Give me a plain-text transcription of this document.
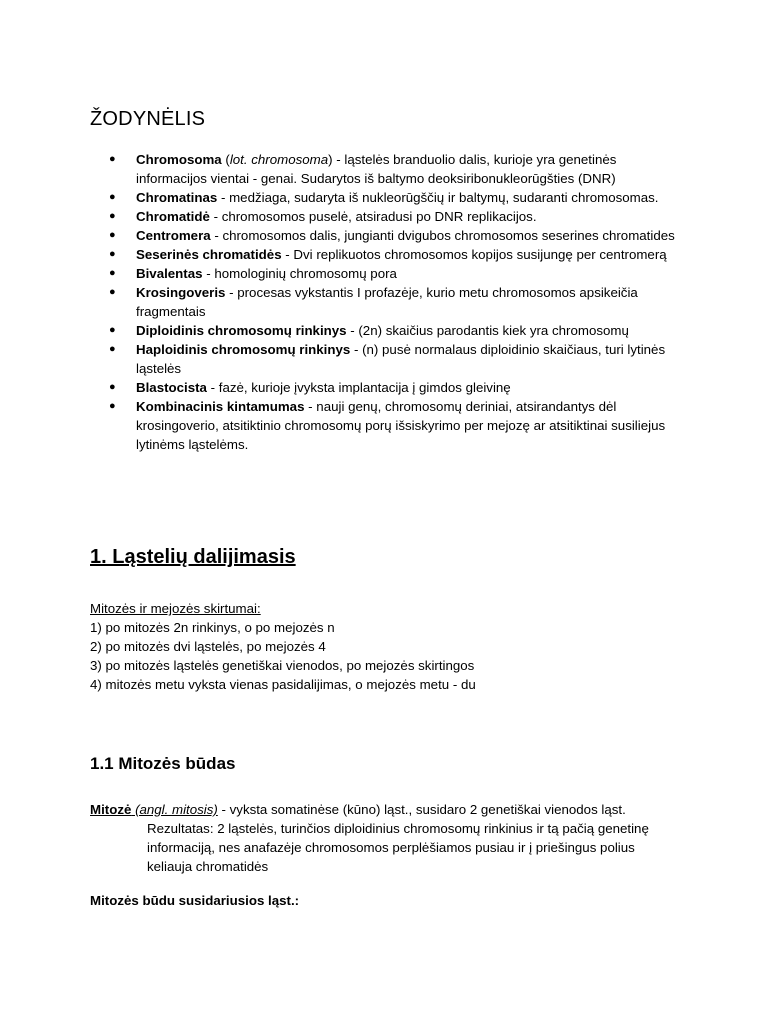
ŽODYNĖLIS
● Chromosoma (lot. chromosoma) - ląstelės branduolio dalis, kurioje yra genetinės informacijos vientai - genai. Sudarytos iš baltymo deoksiribonukleorūgšties (DNR)
● Chromatinas - medžiaga, sudaryta iš nukleorūgščių ir baltymų, sudaranti chromosomas.
● Chromatidė - chromosomos puselė, atsiradusi po DNR replikacijos.
● Centromera - chromosomos dalis, jungianti dvigubos chromosomos seserines chromatides
● Seserinės chromatidės - Dvi replikuotos chromosomos kopijos susijungę per centromerą
● Bivalentas - homologinių chromosomų pora
● Krosingoveris - procesas vykstantis I profazėje, kurio metu chromosomos apsikeičia fragmentais
● Diploidinis chromosomų rinkinys - (2n) skaičius parodantis kiek yra chromosomų
● Haploidinis chromosomų rinkinys - (n) pusė normalaus diploidinio skaičiaus, turi lytinės ląstelės
● Blastocista - fazė, kurioje įvyksta implantacija į gimdos gleivinę
● Kombinacinis kintamumas - nauji genų, chromosomų deriniai, atsirandantys dėl krosingoverio, atsitiktinio chromosomų porų išsiskyrimo per mejozę ar atsitiktinai susiliejus lytinėms ląstelėms.
1. Ląstelių dalijimasis
Mitozės ir mejozės skirtumai:
1) po mitozės 2n rinkinys, o po mejozės n
2) po mitozės dvi ląstelės, po mejozės 4
3) po mitozės ląstelės genetiškai vienodos, po mejozės skirtingos
4) mitozės metu vyksta vienas pasidalijimas, o mejozės metu - du
1.1 Mitozės būdas
Mitozė (angl. mitosis) - vyksta somatinėse (kūno) ląst., susidaro 2 genetiškai vienodos ląst.
Rezultatas: 2 ląstelės, turinčios diploidinius chromosomų rinkinius ir tą pačią genetinę informaciją, nes anafazėje chromosomos perplėšiamos pusiau ir į priešingus polius keliauja chromatidės
Mitozės būdu susidariusios ląst.:
